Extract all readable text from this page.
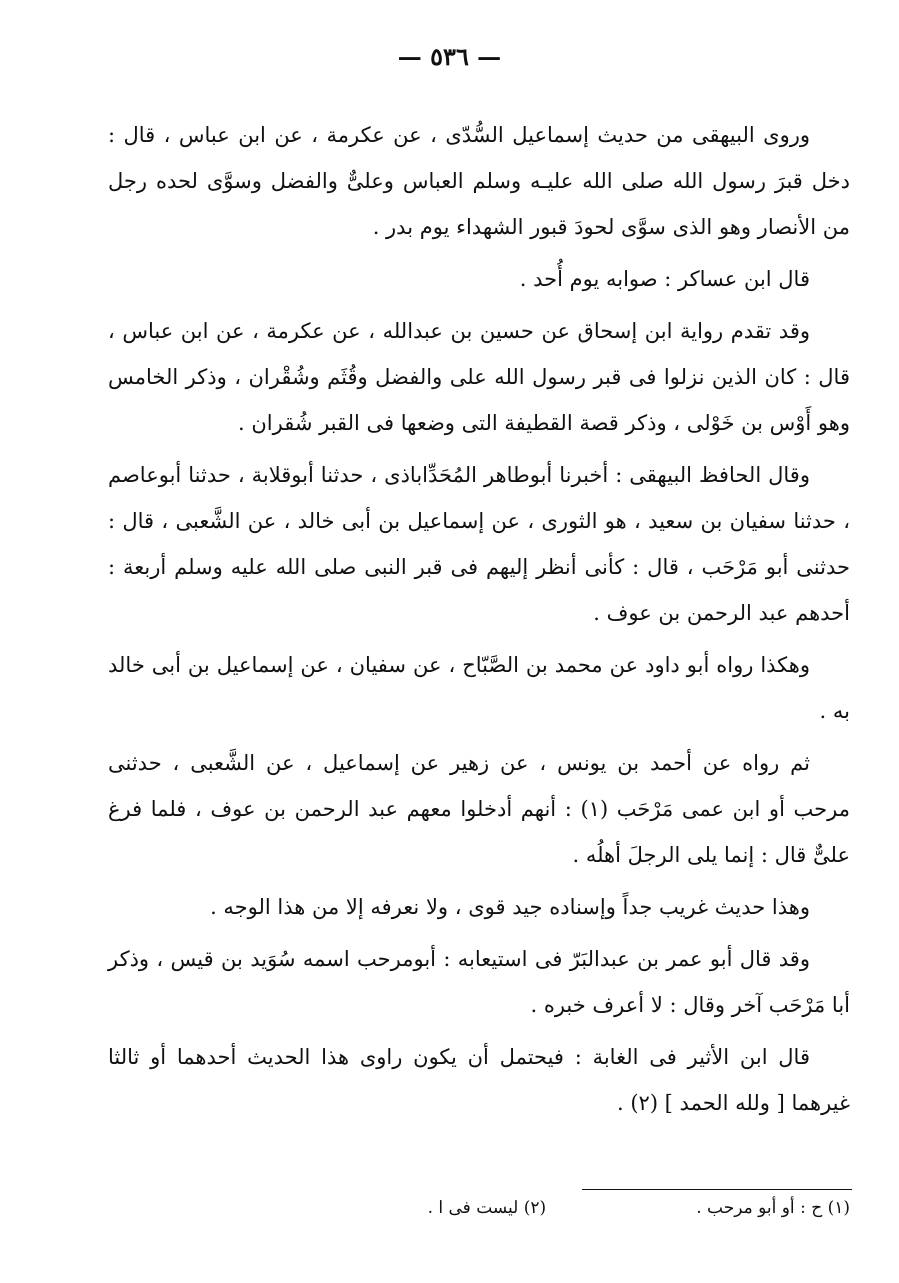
— ٥٣٦ —

وروى البيهقى من حديث إسماعيل السُّدّى ، عن عكرمة ، عن ابن عباس ، قال : دخل قبرَ رسول الله صلى الله عليـه وسلم العباس وعلىٌّ والفضل وسوَّى لحده رجل من الأنصار وهو الذى سوَّى لحودَ قبور الشهداء يوم بدر .

قال ابن عساكر : صوابه يوم أُحد .

وقد تقدم رواية ابن إسحاق عن حسين بن عبدالله ، عن عكرمة ، عن ابن عباس ، قال : كان الذين نزلوا فى قبر رسول الله على والفضل وقُثَم وشُقْران ، وذكر الخامس وهو أَوْس بن خَوْلى ، وذكر قصة القطيفة التى وضعها فى القبر شُقران .

وقال الحافظ البيهقى : أخبرنا أبوطاهر المُحَدِّاباذى ، حدثنا أبوقلابة ، حدثنا أبوعاصم ، حدثنا سفيان بن سعيد ، هو الثورى ، عن إسماعيل بن أبى خالد ، عن الشَّعبى ، قال : حدثنى أبو مَرْحَب ، قال : كأنى أنظر إليهم فى قبر النبى صلى الله عليه وسلم أربعة : أحدهم عبد الرحمن بن عوف .

وهكذا رواه أبو داود عن محمد بن الصَّبّاح ، عن سفيان ، عن إسماعيل بن أبى خالد به .

ثم رواه عن أحمد بن يونس ، عن زهير عن إسماعيل ، عن الشَّعبى ، حدثنى مرحب أو ابن عمى مَرْحَب (١) : أنهم أدخلوا معهم عبد الرحمن بن عوف ، فلما فرغ علىٌّ قال : إنما يلى الرجلَ أهلُه .

وهذا حديث غريب جداً وإسناده جيد قوى ، ولا نعرفه إلا من هذا الوجه .

وقد قال أبو عمر بن عبدالبَرّ فى استيعابه : أبومرحب اسمه سُوَيد بن قيس ، وذكر أبا مَرْحَب آخر وقال : لا أعرف خبره .

قال ابن الأثير فى الغابة : فيحتمل أن يكون راوى هذا الحديث أحدهما أو ثالثا غيرهما [ ولله الحمد ] (٢) .

(١) ح : أو أبو مرحب .
(٢) ليست فى ا .
